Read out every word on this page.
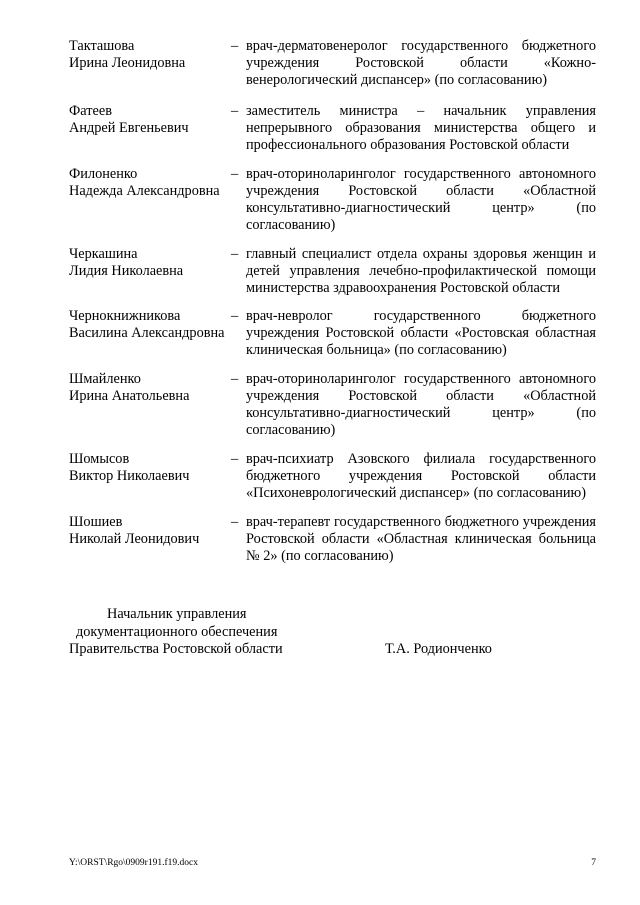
Такташова
Ирина Леонидовна
– врач-дерматовенеролог государственного бюджетного учреждения Ростовской области «Кожно-венерологический диспансер» (по согласованию)
Фатеев
Андрей Евгеньевич
– заместитель министра – начальник управления непрерывного образования министерства общего и профессионального образования Ростовской области
Филоненко
Надежда Александровна
– врач-оториноларинголог государственного автономного учреждения Ростовской области «Областной консультативно-диагностический центр» (по согласованию)
Черкашина
Лидия Николаевна
– главный специалист отдела охраны здоровья женщин и детей управления лечебно-профилактической помощи министерства здравоохранения Ростовской области
Чернокнижникова
Василина Александровна
– врач-невролог государственного бюджетного учреждения Ростовской области «Ростовская областная клиническая больница» (по согласованию)
Шмайленко
Ирина Анатольевна
– врач-оториноларинголог государственного автономного учреждения Ростовской области «Областной консультативно-диагностический центр» (по согласованию)
Шомысов
Виктор Николаевич
– врач-психиатр Азовского филиала государственного бюджетного учреждения Ростовской области «Психоневрологический диспансер» (по согласованию)
Шошиев
Николай Леонидович
– врач-терапевт государственного бюджетного учреждения Ростовской области «Областная клиническая больница № 2» (по согласованию)
Начальник управления
документационного обеспечения
Правительства Ростовской области	Т.А. Родионченко
Y:\ORST\Rgo\0909r191.f19.docx	7
